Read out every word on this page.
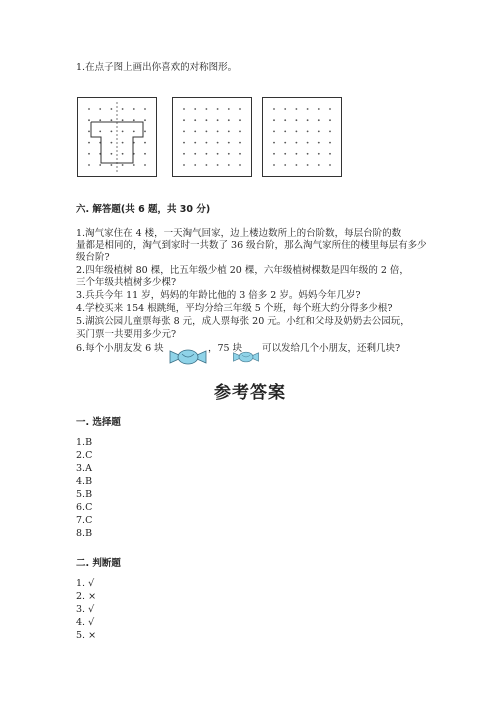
1.在点子图上画出你喜欢的对称图形。
六. 解答题(共 6 题，共 30 分)
1.淘气家住在 4 楼，一天淘气回家，边上楼边数所上的台阶数，每层台阶的数
量都是相同的，淘气到家时一共数了 36 级台阶，那么淘气家所住的楼里每层有多少
级台阶?
2.四年级植树 80 棵，比五年级少植 20 棵，六年级植树棵数是四年级的 2 倍，
三个年级共植树多少棵?
3.兵兵今年 11 岁，妈妈的年龄比他的 3 倍多 2 岁。妈妈今年几岁?
4.学校买来 154 根跳绳，平均分给三年级 5 个班，每个班大约分得多少根?
5.湖滨公园儿童票每张 8 元，成人票每张 20 元。小红和父母及奶奶去公园玩，
买门票一共要用多少元?
6.每个小朋友发 6 块	，75 块 可以发给几个小朋友，还剩几块?
参考答案
一. 选择题
1.B
2.C
3.A
4.B
5.B
6.C
7.C
8.B
二. 判断题
1. √
2. ×
3. √
4. √
5. ×
